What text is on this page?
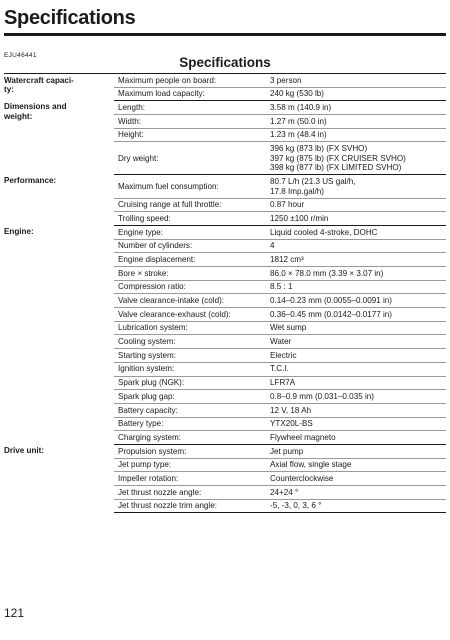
Specifications
EJU46441	Specifications
Watercraft capaci-
ty:	Maximum people on board:	3 person
	Maximum load capacity:	240 kg (530 lb)
Dimensions and
weight:	Length:	3.58 m (140.9 in)
	Width:	1.27 m (50.0 in)
	Height:	1.23 m (48.4 in)
	Dry weight:	396 kg (873 lb) (FX SVHO)
397 kg (875 lb) (FX CRUISER SVHO)
398 kg (877 lb) (FX LIMITED SVHO)
Performance:	Maximum fuel consumption:	80.7 L/h (21.3 US gal/h,
17.8 Imp.gal/h)
	Cruising range at full throttle:	0.87 hour
	Trolling speed:	1250 ±100 r/min
Engine:	Engine type:	Liquid cooled 4-stroke, DOHC
	Number of cylinders:	4
	Engine displacement:	1812 cm³
	Bore × stroke:	86.0 × 78.0 mm (3.39 × 3.07 in)
	Compression ratio:	8.5 : 1
	Valve clearance-intake (cold):	0.14–0.23 mm (0.0055–0.0091 in)
	Valve clearance-exhaust (cold):	0.36–0.45 mm (0.0142–0.0177 in)
	Lubrication system:	Wet sump
	Cooling system:	Water
	Starting system:	Electric
	Ignition system:	T.C.I.
	Spark plug (NGK):	LFR7A
	Spark plug gap:	0.8–0.9 mm (0.031–0.035 in)
	Battery capacity:	12 V, 18 Ah
	Battery type:	YTX20L-BS
	Charging system:	Flywheel magneto
Drive unit:	Propulsion system:	Jet pump
	Jet pump type:	Axial flow, single stage
	Impeller rotation:	Counterclockwise
	Jet thrust nozzle angle:	24+24 °
	Jet thrust nozzle trim angle:	-5, -3, 0, 3, 6 °
121
